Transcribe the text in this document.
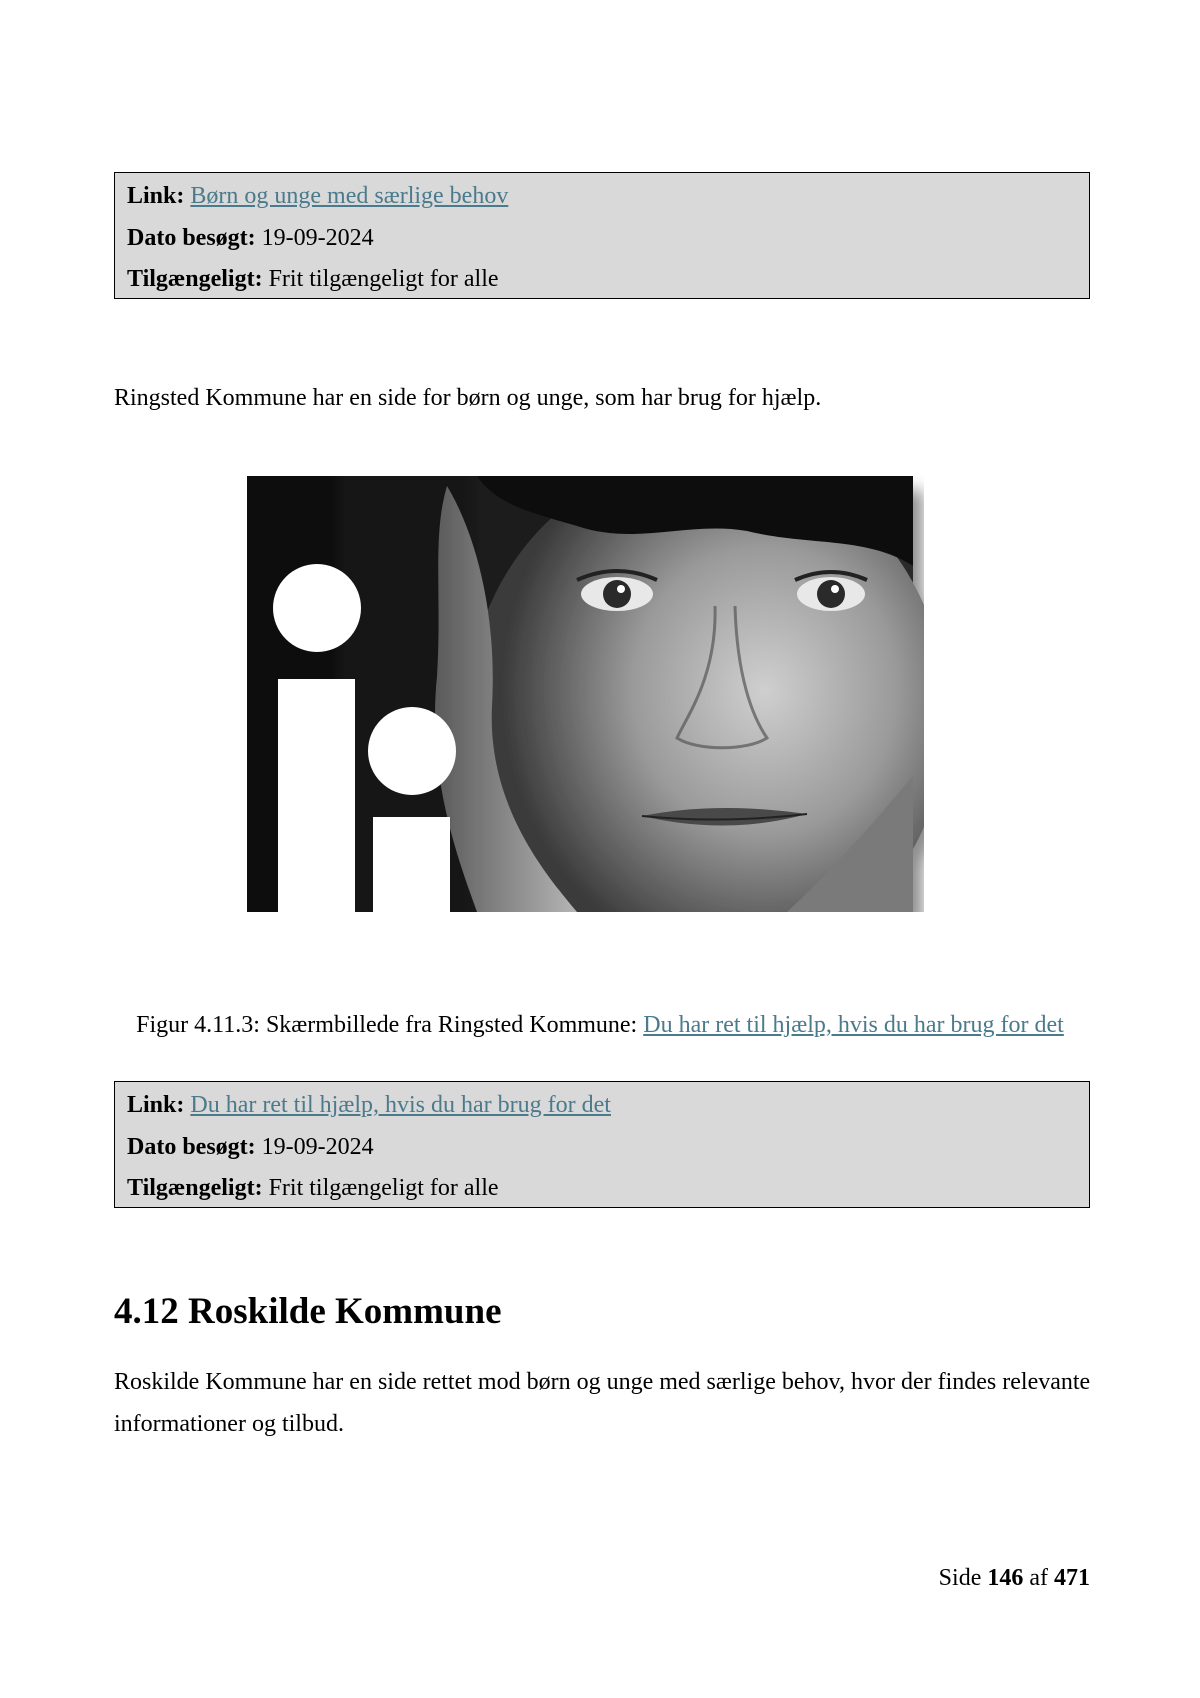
Link: Børn og unge med særlige behov
Dato besøgt: 19-09-2024
Tilgængeligt: Frit tilgængeligt for alle
Ringsted Kommune har en side for børn og unge, som har brug for hjælp.
Figur 4.11.3: Skærmbillede fra Ringsted Kommune: Du har ret til hjælp, hvis du har brug for det
Link: Du har ret til hjælp, hvis du har brug for det
Dato besøgt: 19-09-2024
Tilgængeligt: Frit tilgængeligt for alle
4.12 Roskilde Kommune
Roskilde Kommune har en side rettet mod børn og unge med særlige behov, hvor der findes relevante informationer og tilbud.
Side 146 af 471
